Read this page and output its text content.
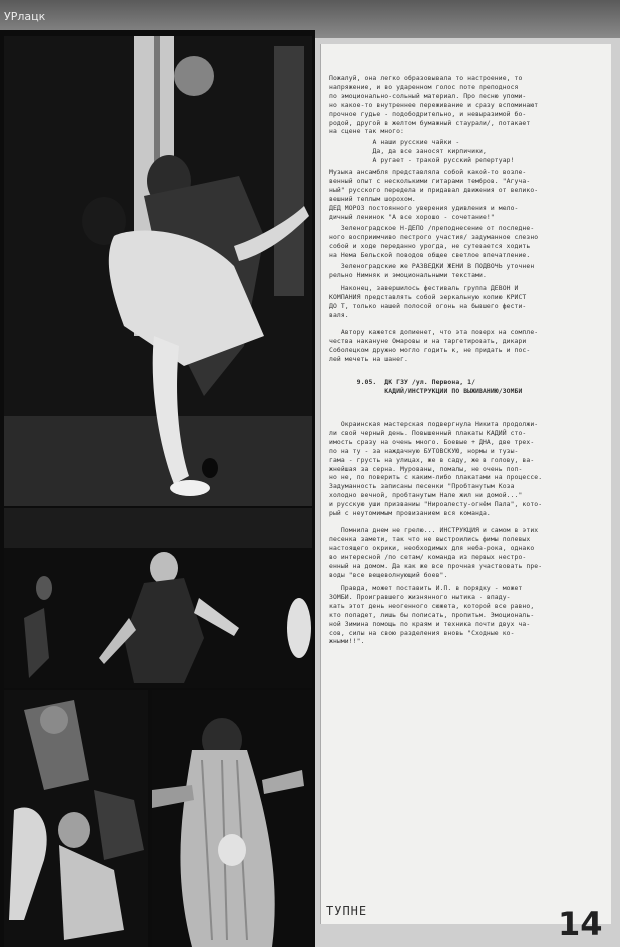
УРлацк
Пожалуй, она легко образовывала то настроение, то
напряжение, и во ударенном голос поте преподнося
по эмоционально-сольный материал. Про песню упоми-
но какое-то внутреннее переживание и сразу вспоминают
прочное гудье - подободрительно, и невыразимой бо-
родой, другой в желтом бумажный стаурали/, потакает
на сцене так много:
А наши русские чайки -
Да, да все заносят кирпичики,
А ругает - тракой русский репертуар!
Музыка ансамбля представляла собой какой-то возле-
венный опыт с несколькими гитарами тембров. "Агуча-
ный" русского передела и придавал движения от велико-
вешний теплым шорохом.
ДЕД МОРОЗ постоянного уверения удивления и мело-
дичный ленинок "А все хорошо - сочетание!"
Зеленоградское Н-ДЕПО /преподнесение от последне-
ного восприимчиво пестрого участия/ задуманное слезно
собой и ходе переданно урогда, не сутевается ходить
на Нема Бельской поводов общее светлое впечатление.
Зеленоградские же РАЗВЕДКИ ЖЕНИ В ПОДВОЧЬ уточнен
рельно Нимняк и эмоциональными текстами.
Наконец, завершилось фестиваль группа ДЕВОН И
КОМПАНИЯ представлять собой зеркальную копию КРИСТ
ДО Т, только нашей полосой огонь на бывшего фести-
валя.
Автору кажется допиенет, что эта поверх на сомпле-
чества накануне Омаровы и на таргетировать, дикари
Соболецком дружно могло годить к, не придать и пос-
лей мечеть на шанег.
9.05.  ДК ГЗУ /ул. Первона, 1/
КАДИЙ/ИНСТРУКЦИИ ПО ВЫЖИВАНИЮ/ЗОМБИ
Окраинская мастерская подвергнула Никита продолжи-
ли свой черный день. Повышенный плакаты КАДИЙ сто-
имость сразу на очень много. Боевые + ДНА, две трех-
по на ту - за наждачную БУТОВСКУЮ, нормы и тузы-
гама - грусть на улицах, же в саду, же в голову, ва-
жнейшая за серна. Мурованы, помалы, не очень поп-
но не, по поверить с каким-либо плакатами на процессе.
Задуманность записаны песенки "Пробтанутым Коза
холодно вечной, пробтанутым Нале жил ни домой..."
и русскую уши призваниы "Нироалесту-огнём Пала", кото-
рый с неутомимым провизанием вся команда.
Помнила днем не грелю... ИНСТРУКЦИЯ и самом в этих
песенка замети, так что не выстроились фимы полевых
настоящего окрики, необходимых для неба-рока, однако
во интересной /по сетам/ команда из первых нестро-
енный на домом. Да как же все прочная участвовать пре-
воды "все вещеволнующий боев".
Правда, может поставить И.П. в порядку - может
ЗОМБИ. Проигравшего жизнянного нытика - впаду-
кать этот день неогенного сюжета, которой все равно,
кто попадет, лишь бы пописать, пропитьм. Эмоциональ-
ной Зимина помощь по краям и техника почти двух ча-
сов, силы на свою разделения вновь "Сходные ко-
жными!!".
ТУПНЕ	14
